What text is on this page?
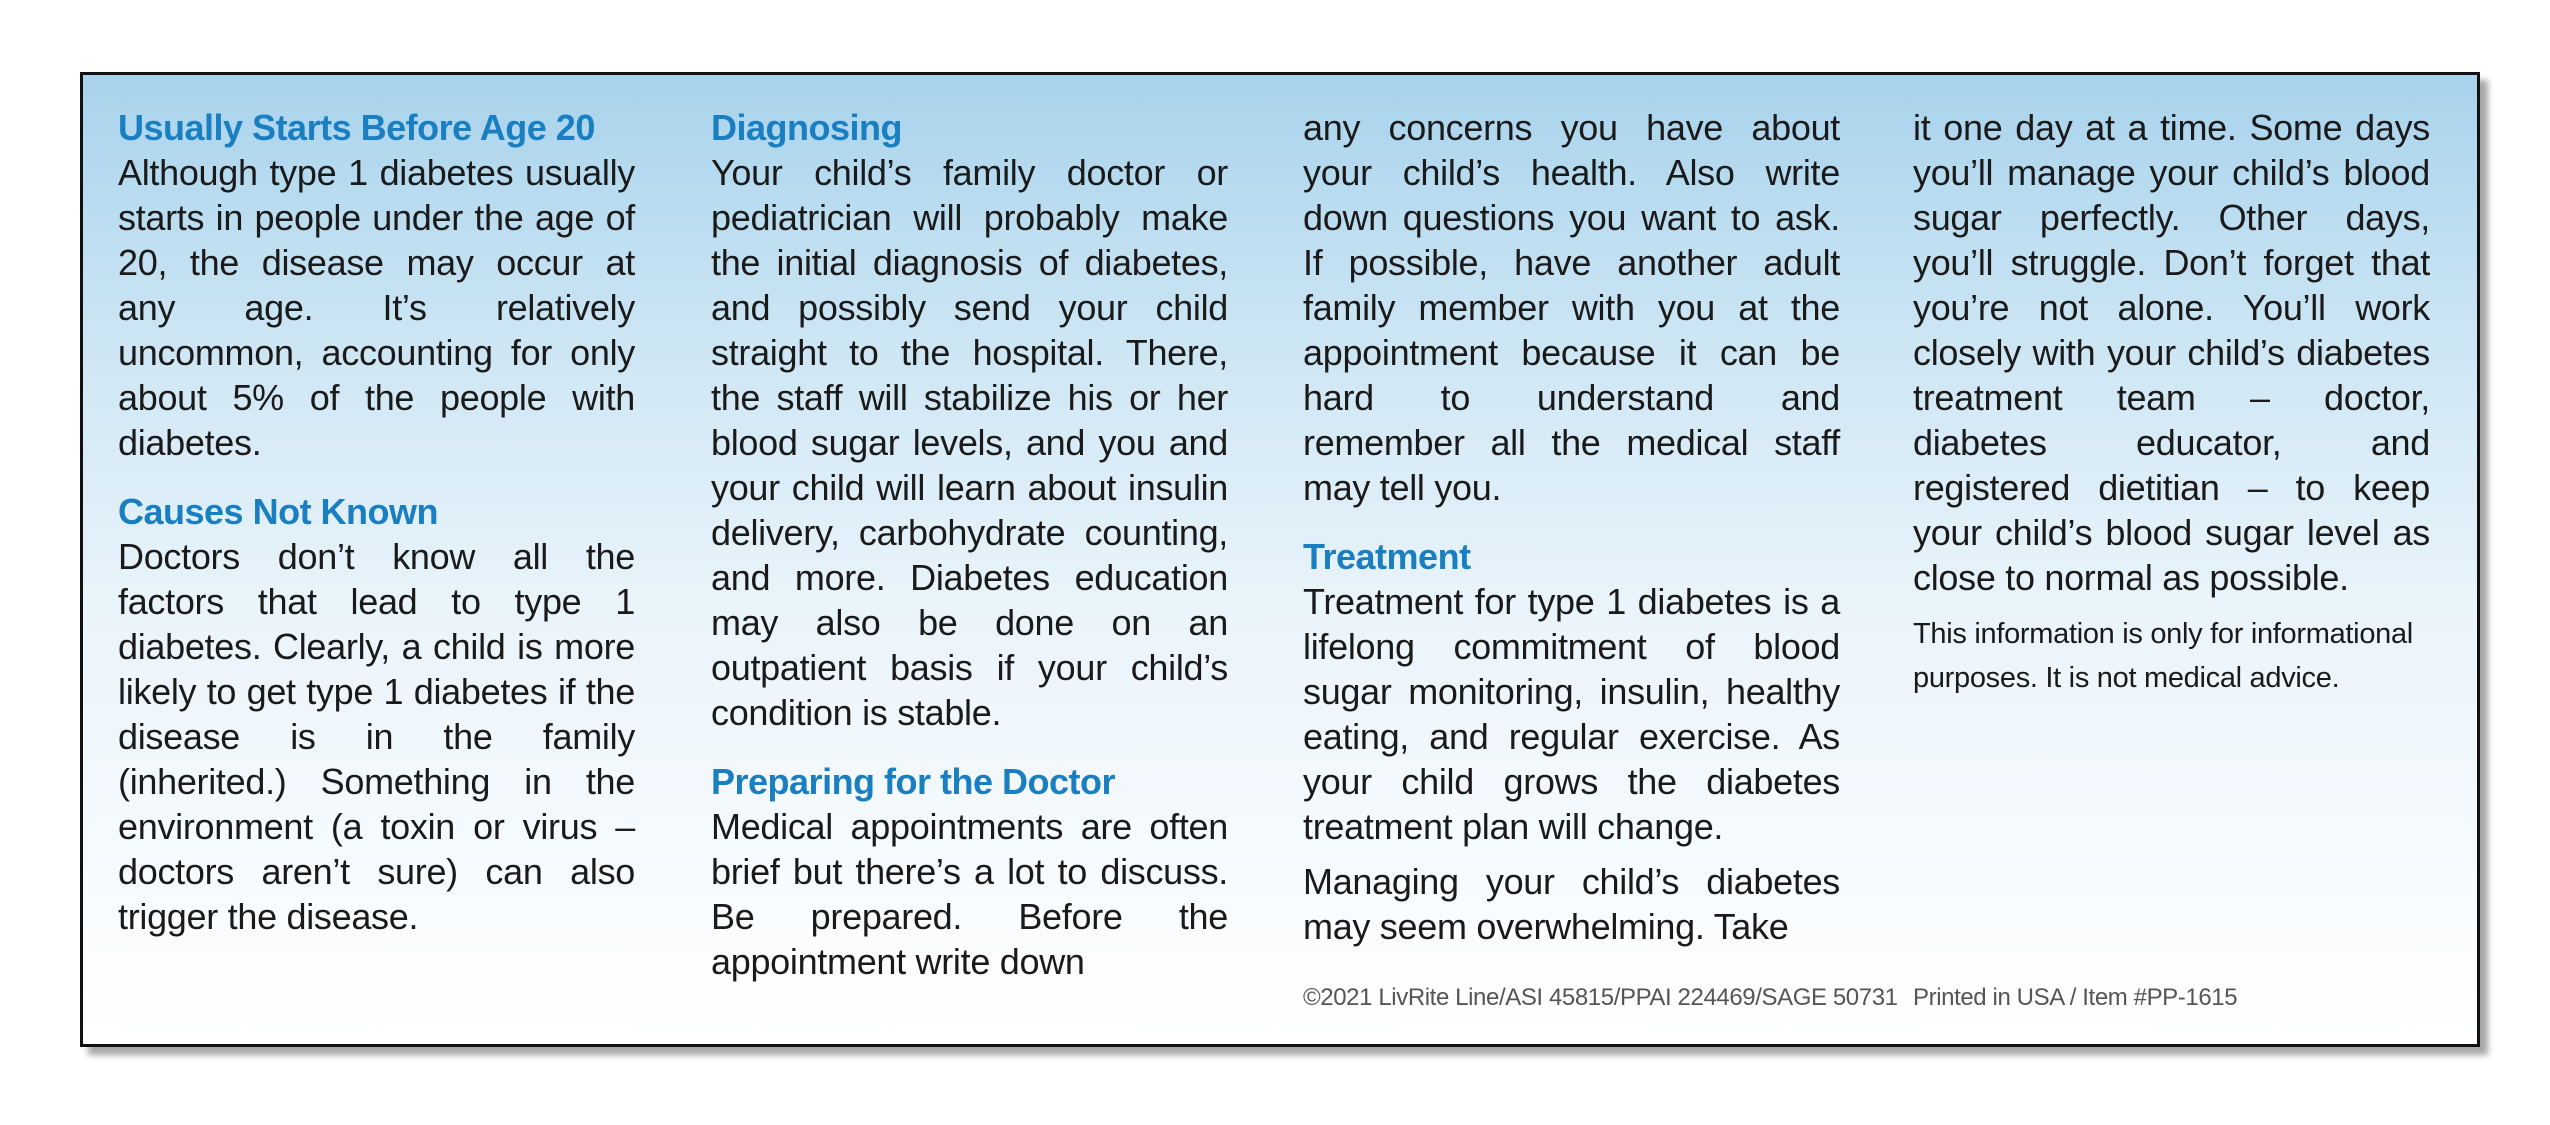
Usually Starts Before Age 20

Although type 1 diabetes usually starts in people under the age of 20, the disease may occur at any age. It’s relatively uncommon, accounting for only about 5% of the people with diabetes.

Causes Not Known

Doctors don’t know all the factors that lead to type 1 diabetes. Clearly, a child is more likely to get type 1 diabetes if the disease is in the family (inherited.) Something in the environment (a toxin or virus – doctors aren’t sure) can also trigger the disease.

Diagnosing

Your child’s family doctor or pediatrician will probably make the initial diagnosis of diabetes, and possibly send your child straight to the hospital. There, the staff will stabilize his or her blood sugar levels, and you and your child will learn about insulin delivery, carbohydrate counting, and more. Diabetes education may also be done on an outpatient basis if your child’s condition is stable.

Preparing for the Doctor

Medical appointments are often brief but there’s a lot to discuss. Be prepared. Before the appointment write down

any concerns you have about your child’s health. Also write down questions you want to ask. If possible, have another adult family member with you at the appointment because it can be hard to understand and remember all the medical staff may tell you.

Treatment

Treatment for type 1 diabetes is a lifelong commitment of blood sugar monitoring, insulin, healthy eating, and regular exercise. As your child grows the diabetes treatment plan will change.

Managing your child’s diabetes may seem overwhelming. Take

it one day at a time. Some days you’ll manage your child’s blood sugar perfectly. Other days, you’ll struggle. Don’t forget that you’re not alone. You’ll work closely with your child’s diabetes treatment team – doctor, diabetes educator, and registered dietitian – to keep your child’s blood sugar level as close to normal as possible.

This information is only for informational purposes. It is not medical advice.

©2021 LivRite Line/ASI 45815/PPAI 224469/SAGE 50731 Printed in USA / Item #PP-1615
